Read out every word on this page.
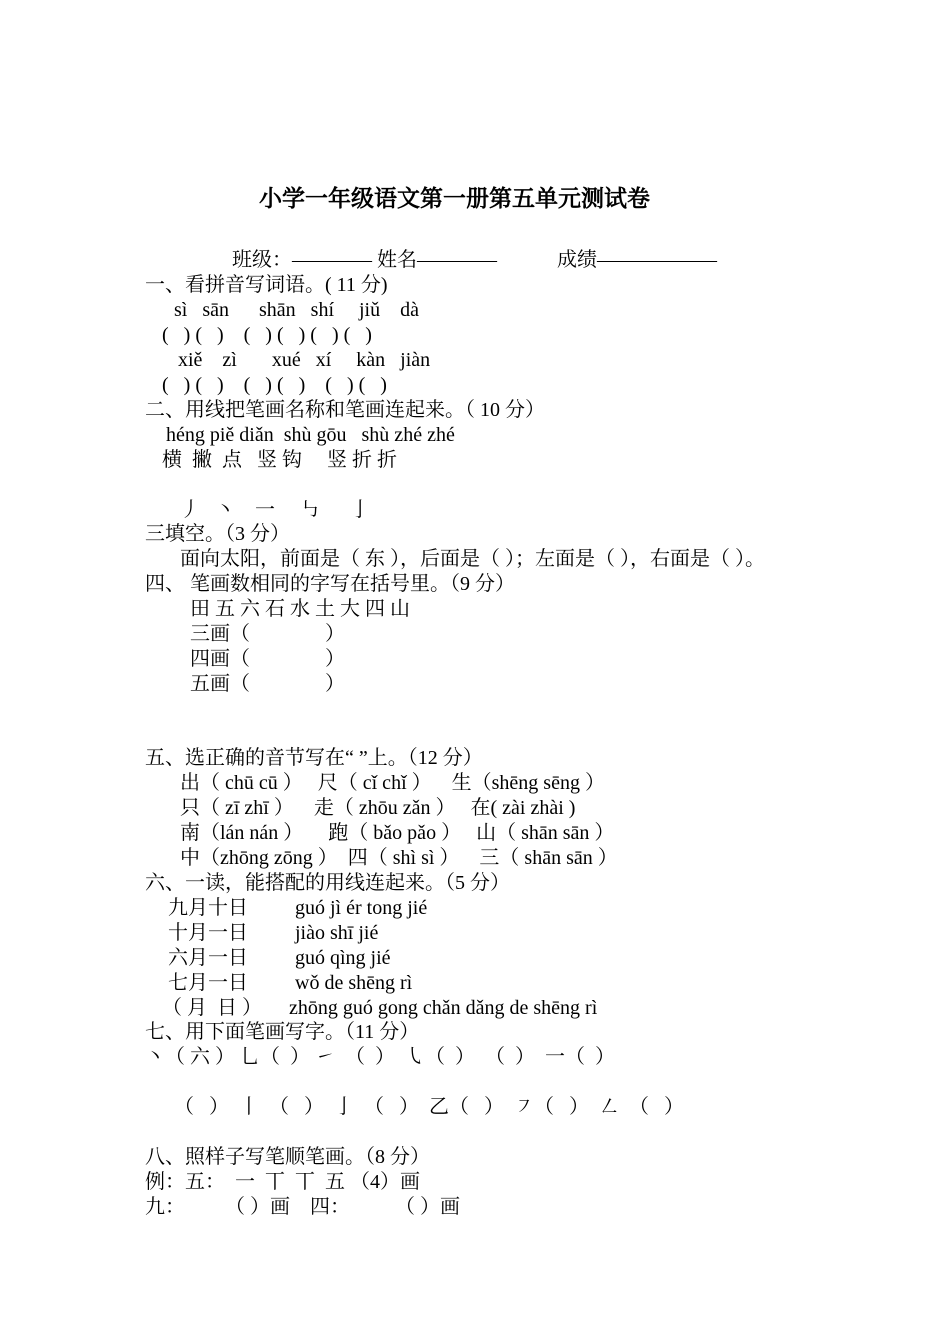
小学一年级语文第一册第五单元测试卷
班级：———— 姓名————            成绩——————
一、看拼音写词语。( 11 分)
sì   sān      shān   shí     jiǔ    dà
(   ) (   )    (   ) (   ) (   ) (   )
xiě    zì       xué   xí     kàn   jiàn
(   ) (   )    (   ) (   )    (   ) (   )
二、用线把笔画名称和笔画连起来。（ 10 分）
héng piě diǎn  shù gōu   shù zhé zhé
横  撇  点   竖 钩     竖 折 折
丿   丶    一     ㇉      亅
三填空。（3 分）
面向太阳，前面是（ 东 ），后面是（ ）；左面是（ ），右面是（ ）。
四、 笔画数相同的字写在括号里。（9 分）
田 五 六 石 水 土 大 四 山
三画（               ）
四画（               ）
五画（               ）
五、选正确的音节写在“ ”上。（12 分）
出（ chū cū ）   尺（ cǐ chǐ ）    生（shēng sēng ）
只（ zī zhī ）    走（ zhōu zǎn ）   在( zài zhài )
南（lán nán ）     跑（ bǎo pǎo ）   山（ shān sān ）
中（zhōng zōng ）  四（ shì sì ）    三（ shān sān ）
六、一读，能搭配的用线连起来。（5 分）
九月十日 guó jì ér tong jié
十月一日 jiào shī jié
六月一日 guó qìng jié
七月一日 wǒ de shēng rì
（ 月  日 ） zhōng guó gong chǎn dǎng de shēng rì
七、用下面笔画写字。（11 分）
丶（ 六 ） ⺃（  ） ㇀  （  ）  ㇂（  ）  （  ）  一（  ）
（   ）  丨  （   ）  亅  （   ）  乙（   ）  ㇇（   ）  ㇜  （   ）
八、照样子写笔顺笔画。（8 分）
例：五：  一  丅  丅  五 （4）画
九：        （ ）画    四：         （ ）画
